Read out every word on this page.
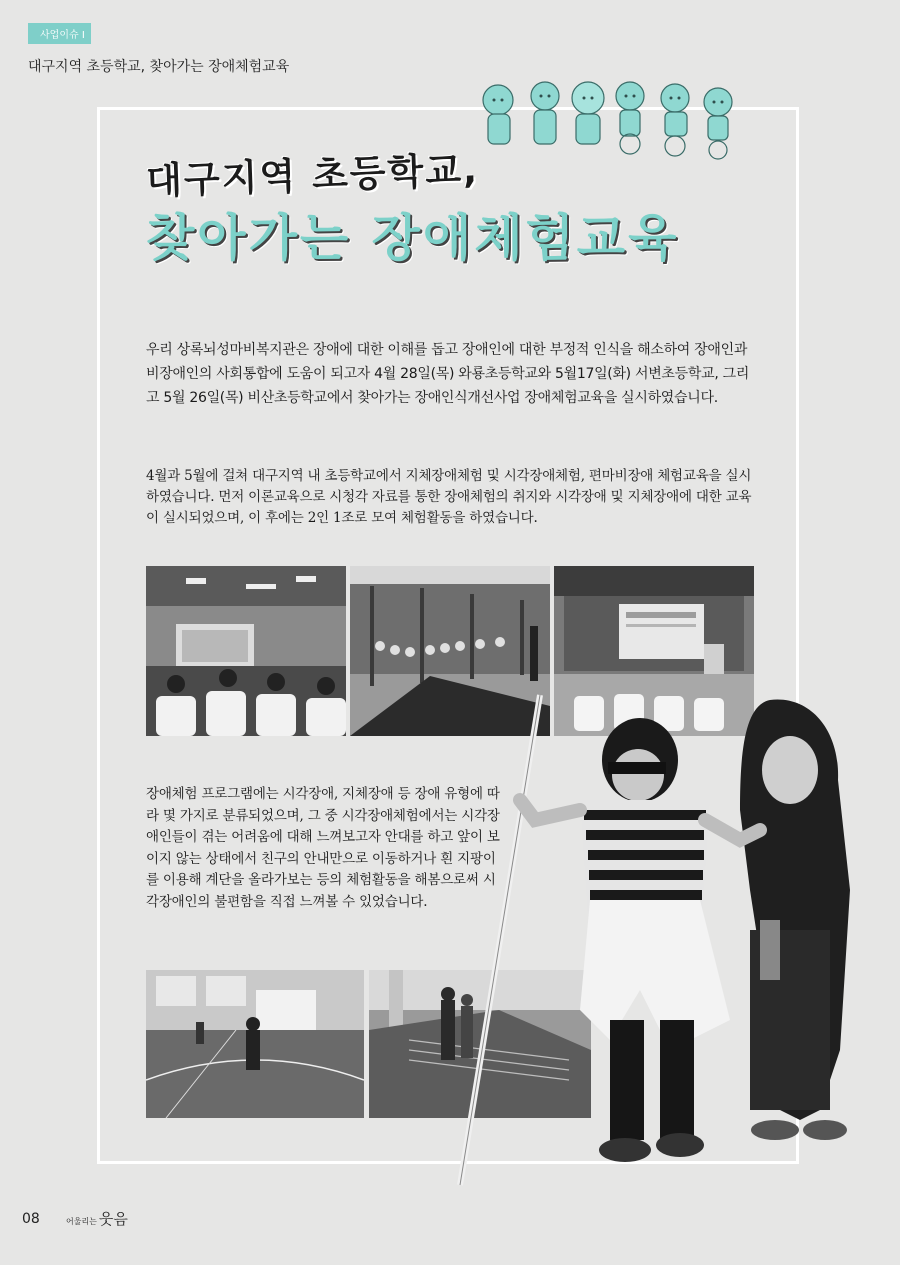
사업이슈 I
대구지역 초등학교, 찾아가는 장애체험교육
대구지역 초등학교,
찾아가는 장애체험교육

우리 상록뇌성마비복지관은 장애에 대한 이해를 돕고 장애인에 대한 부정적 인식을 해소하여 장애인과 비장애인의 사회통합에 도움이 되고자 4월 28일(목) 와룡초등학교와 5월17일(화) 서변초등학교, 그리고 5월 26일(목) 비산초등학교에서 찾아가는 장애인식개선사업 장애체험교육을 실시하였습니다.

4월과 5월에 걸쳐 대구지역 내 초등학교에서 지체장애체험 및 시각장애체험, 편마비장애 체험교육을 실시하였습니다. 먼저 이론교육으로 시청각 자료를 통한 장애체험의 취지와 시각장애 및 지체장애에 대한 교육이 실시되었으며, 이 후에는 2인 1조로 모여 체험활동을 하였습니다.

장애체험 프로그램에는 시각장애, 지체장애 등 장애 유형에 따라 몇 가지로 분류되었으며, 그 중 시각장애체험에서는 시각장애인들이 겪는 어려움에 대해 느껴보고자 안대를 하고 앞이 보이지 않는 상태에서 친구의 안내만으로 이동하거나 흰 지팡이를 이용해 계단을 올라가보는 등의 체험활동을 해봄으로써 시각장애인의 불편함을 직접 느껴볼 수 있었습니다.

08	어울리는 웃음
